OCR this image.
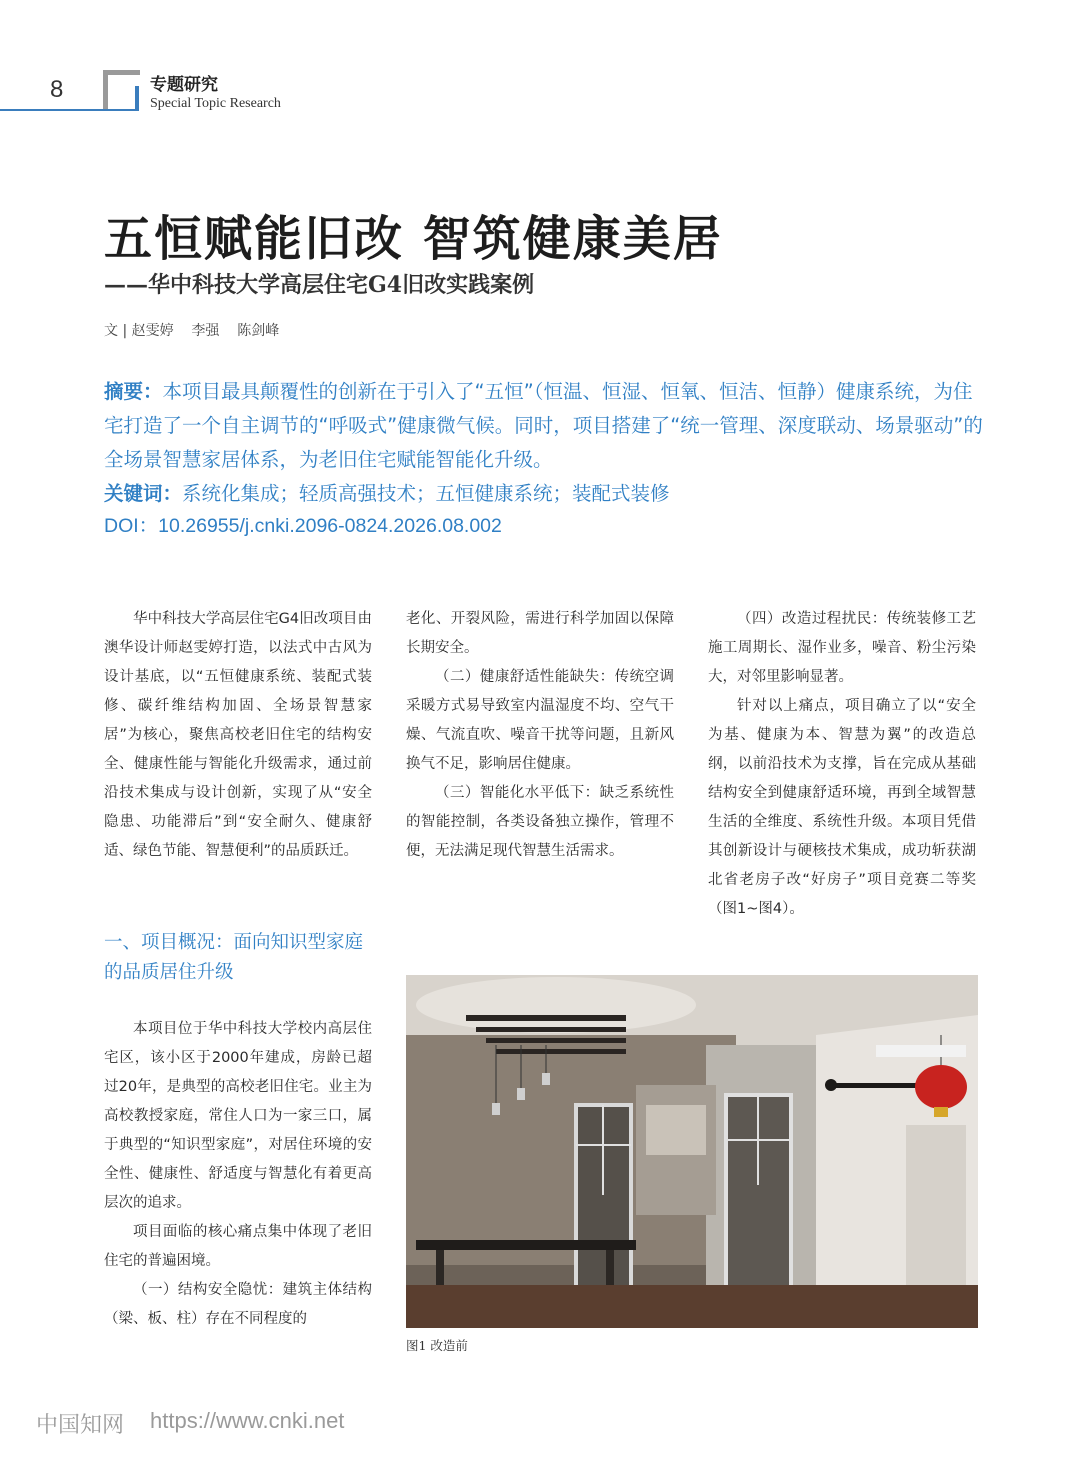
8	专题研究
Special Topic Research
五恒赋能旧改 智筑健康美居
——华中科技大学高层住宅G4旧改实践案例
文 | 赵雯婷    李强    陈剑峰
摘要：本项目最具颠覆性的创新在于引入了“五恒”（恒温、恒湿、恒氧、恒洁、恒静）健康系统，为住宅打造了一个自主调节的“呼吸式”健康微气候。同时，项目搭建了“统一管理、深度联动、场景驱动”的全场景智慧家居体系，为老旧住宅赋能智能化升级。
关键词：系统化集成；轻质高强技术；五恒健康系统；装配式装修
DOI：10.26955/j.cnki.2096-0824.2026.08.002

华中科技大学高层住宅G4旧改项目由澳华设计师赵雯婷打造，以法式中古风为设计基底，以“五恒健康系统、装配式装修、碳纤维结构加固、全场景智慧家居”为核心，聚焦高校老旧住宅的结构安全、健康性能与智能化升级需求，通过前沿技术集成与设计创新，实现了从“安全隐患、功能滞后”到“安全耐久、健康舒适、绿色节能、智慧便利”的品质跃迁。

一、项目概况：面向知识型家庭的品质居住升级

本项目位于华中科技大学校内高层住宅区，该小区于2000年建成，房龄已超过20年，是典型的高校老旧住宅。业主为高校教授家庭，常住人口为一家三口，属于典型的“知识型家庭”，对居住环境的安全性、健康性、舒适度与智慧化有着更高层次的追求。

项目面临的核心痛点集中体现了老旧住宅的普遍困境。

（一）结构安全隐忧：建筑主体结构（梁、板、柱）存在不同程度的

老化、开裂风险，需进行科学加固以保障长期安全。

（二）健康舒适性能缺失：传统空调采暖方式易导致室内温湿度不均、空气干燥、气流直吹、噪音干扰等问题，且新风换气不足，影响居住健康。

（三）智能化水平低下：缺乏系统性的智能控制，各类设备独立操作，管理不便，无法满足现代智慧生活需求。

（四）改造过程扰民：传统装修工艺施工周期长、湿作业多，噪音、粉尘污染大，对邻里影响显著。

针对以上痛点，项目确立了以“安全为基、健康为本、智慧为翼”的改造总纲，以前沿技术为支撑，旨在完成从基础结构安全到健康舒适环境，再到全域智慧生活的全维度、系统性升级。本项目凭借其创新设计与硬核技术集成，成功斩获湖北省老房子改“好房子”项目竞赛二等奖（图1~图4）。

图1 改造前
中国知网 https://www.cnki.net
